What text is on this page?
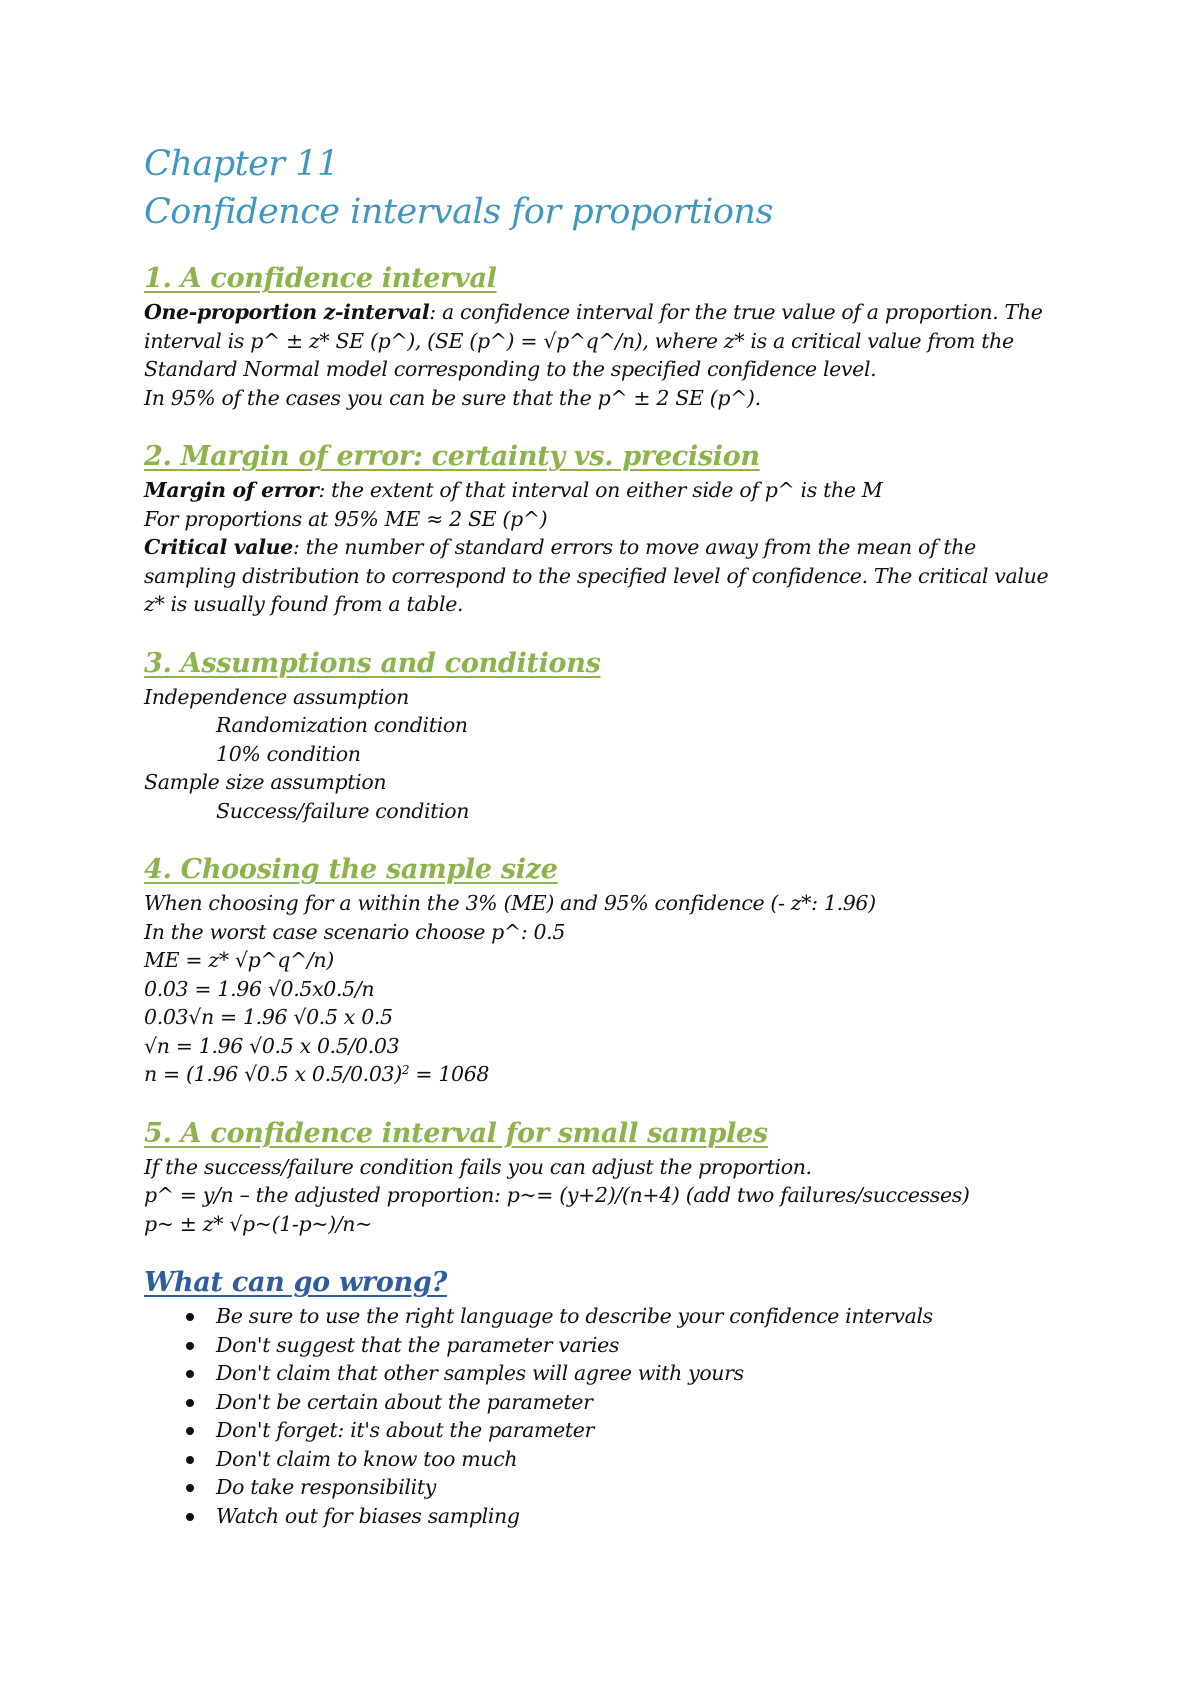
Chapter 11

Confidence intervals for proportions

1. A confidence interval
One-proportion z-interval: a confidence interval for the true value of a proportion. The
interval is p^ ± z* SE (p^), (SE (p^) = √p^q^/n), where z* is a critical value from the
Standard Normal model corresponding to the specified confidence level.
In 95% of the cases you can be sure that the p^ ± 2 SE (p^).
2. Margin of error: certainty vs. precision
Margin of error: the extent of that interval on either side of p^ is the M
For proportions at 95% ME ≈ 2 SE (p^)
Critical value: the number of standard errors to move away from the mean of the
sampling distribution to correspond to the specified level of confidence. The critical value
z* is usually found from a table.
3. Assumptions and conditions
Independence assumption
Randomization condition
10% condition
Sample size assumption
Success/failure condition
4. Choosing the sample size
When choosing for a within the 3% (ME) and 95% confidence (- z*: 1.96)
In the worst case scenario choose p^: 0.5
ME = z* √p^q^/n)
0.03 = 1.96 √0.5x0.5/n
0.03√n = 1.96 √0.5 x 0.5
√n = 1.96 √0.5 x 0.5/0.03
n = (1.96 √0.5 x 0.5/0.03)$^2$ = 1068
5. A confidence interval for small samples
If the success/failure condition fails you can adjust the proportion.
p^ = y/n – the adjusted proportion: p~= (y+2)/(n+4) (add two failures/successes)
p~ ± z* √p~(1-p~)/n~
What can go wrong?
Be sure to use the right language to describe your confidence intervals
Don't suggest that the parameter varies
Don't claim that other samples will agree with yours
Don't be certain about the parameter
Don't forget: it's about the parameter
Don't claim to know too much
Do take responsibility
Watch out for biases sampling
